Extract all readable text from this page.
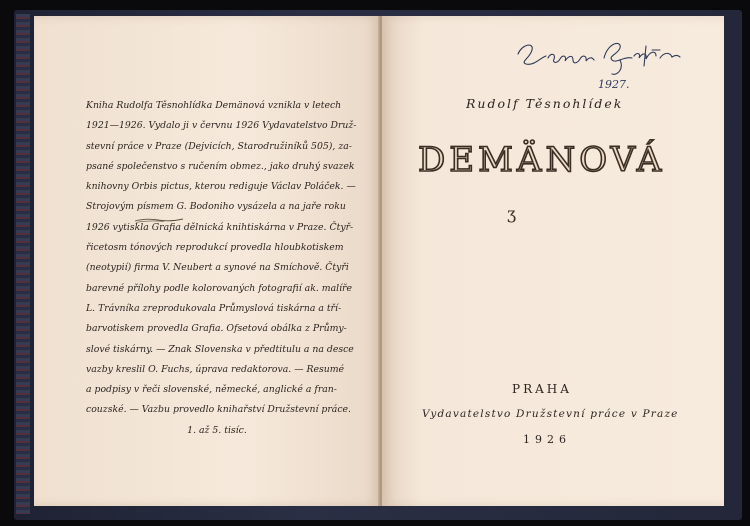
Kniha Rudolfa Těsnohlídka Demänová vznikla v letech
1921—1926. Vydalo ji v červnu 1926 Vydavatelstvo Druž-
stevní práce v Praze (Dejvicích, Starodružiníků 505), za-
psané společenstvo s ručením obmez., jako druhý svazek
knihovny Orbis pictus, kterou rediguje Václav Poláček. —
Strojovým písmem G. Bodoniho vysázela a na jaře roku
1926 vytiskla Grafia dělnická knihtiskárna v Praze. Čtyř-
řicetosm tónových reprodukcí provedla hloubkotiskem
(neotypií) firma V. Neubert a synové na Smíchově. Čtyři
barevné přílohy podle kolorovaných fotografií ak. malíře
L. Trávníka zreprodukovala Průmyslová tiskárna a tří-
barvotiskem provedla Grafia. Ofsetová obálka z Průmy-
slové tiskárny. — Znak Slovenska v předtitulu a na desce
vazby kreslil O. Fuchs, úprava redaktorova. — Resumé
a podpisy v řeči slovenské, německé, anglické a fran-
couzské. — Vazbu provedlo knihařství Družstevní práce.
1. až 5. tisíc.
1927.
Rudolf Těsnohlídek
DEMÄNOVÁ
ʒ
PRAHA
Vydavatelstvo Družstevní práce v Praze
1926
